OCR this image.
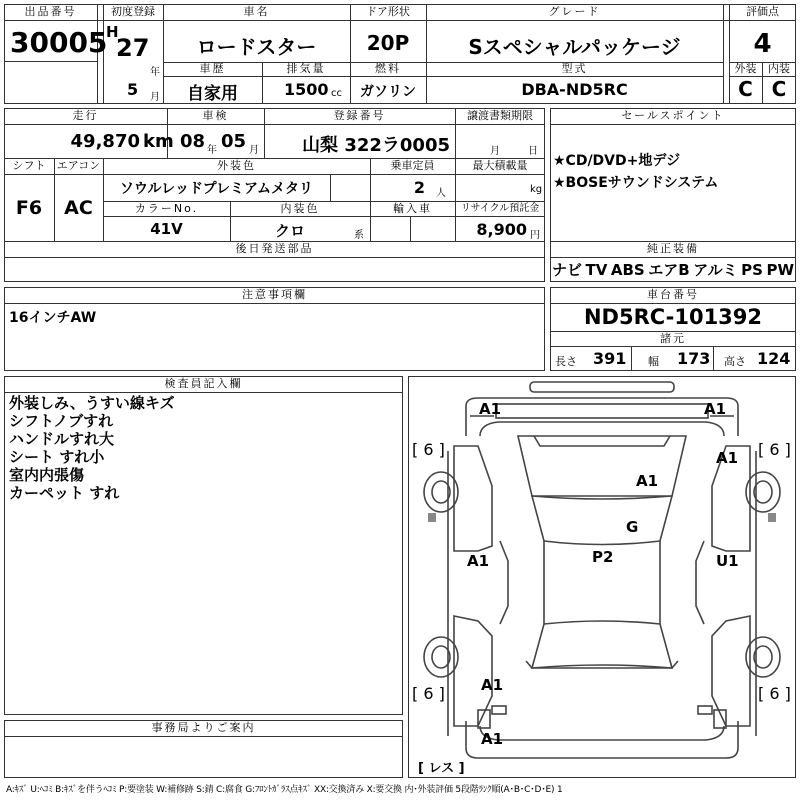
出品番号
30005
初度登録
H
27
年
5 月
車名
ロードスター
ドア形状
20P
グレード
Sスペシャルパッケージ
評価点
4
車歴
自家用
排気量
1500 cc
燃料
ガソリン
型式
DBA-ND5RC
外装	内装
C C
走行
49,870 km
車検
08 年 05 月
登録番号
山梨 322ラ0005
譲渡書類期限
月	日
シフト
F6
エアコン
AC
外装色
ソウルレッドプレミアムメタリ
乗車定員
2 人
最大積載量
kg
カラーNo.
41V
内装色
クロ	系
輸入車	リサイクル預託金
8,900 円
後日発送部品
セールスポイント
★CD/DVD+地デジ
★BOSEサウンドシステム
純正装備
ナビ TV ABS エアB アルミ PS PW
注意事項欄
16インチAW
車台番号
ND5RC-101392
諸元
長さ 391 幅 173 高さ 124
検査員記入欄
外装しみ、うすい線キズ
シフトノブすれ
ハンドルすれ大
シート すれ小
室内内張傷
カーペット すれ
事務局よりご案内
A1	A1
A1
A1
G
A1	U1
P2
A1
A1
[ 6 ]	[ 6 ]
[ 6 ]	[ 6 ]
[ レス ]
A:ｷｽﾞ U:ﾍｺﾐ B:ｷｽﾞを伴うﾍｺﾐ P:要塗装 W:補修跡 S:錆 C:腐食 G:ﾌﾛﾝﾄｶﾞﾗｽ点ｷｽﾞ XX:交換済み X:要交換 内･外装評価 5段階ﾗﾝｸ順(A･B･C･D･E) 1
